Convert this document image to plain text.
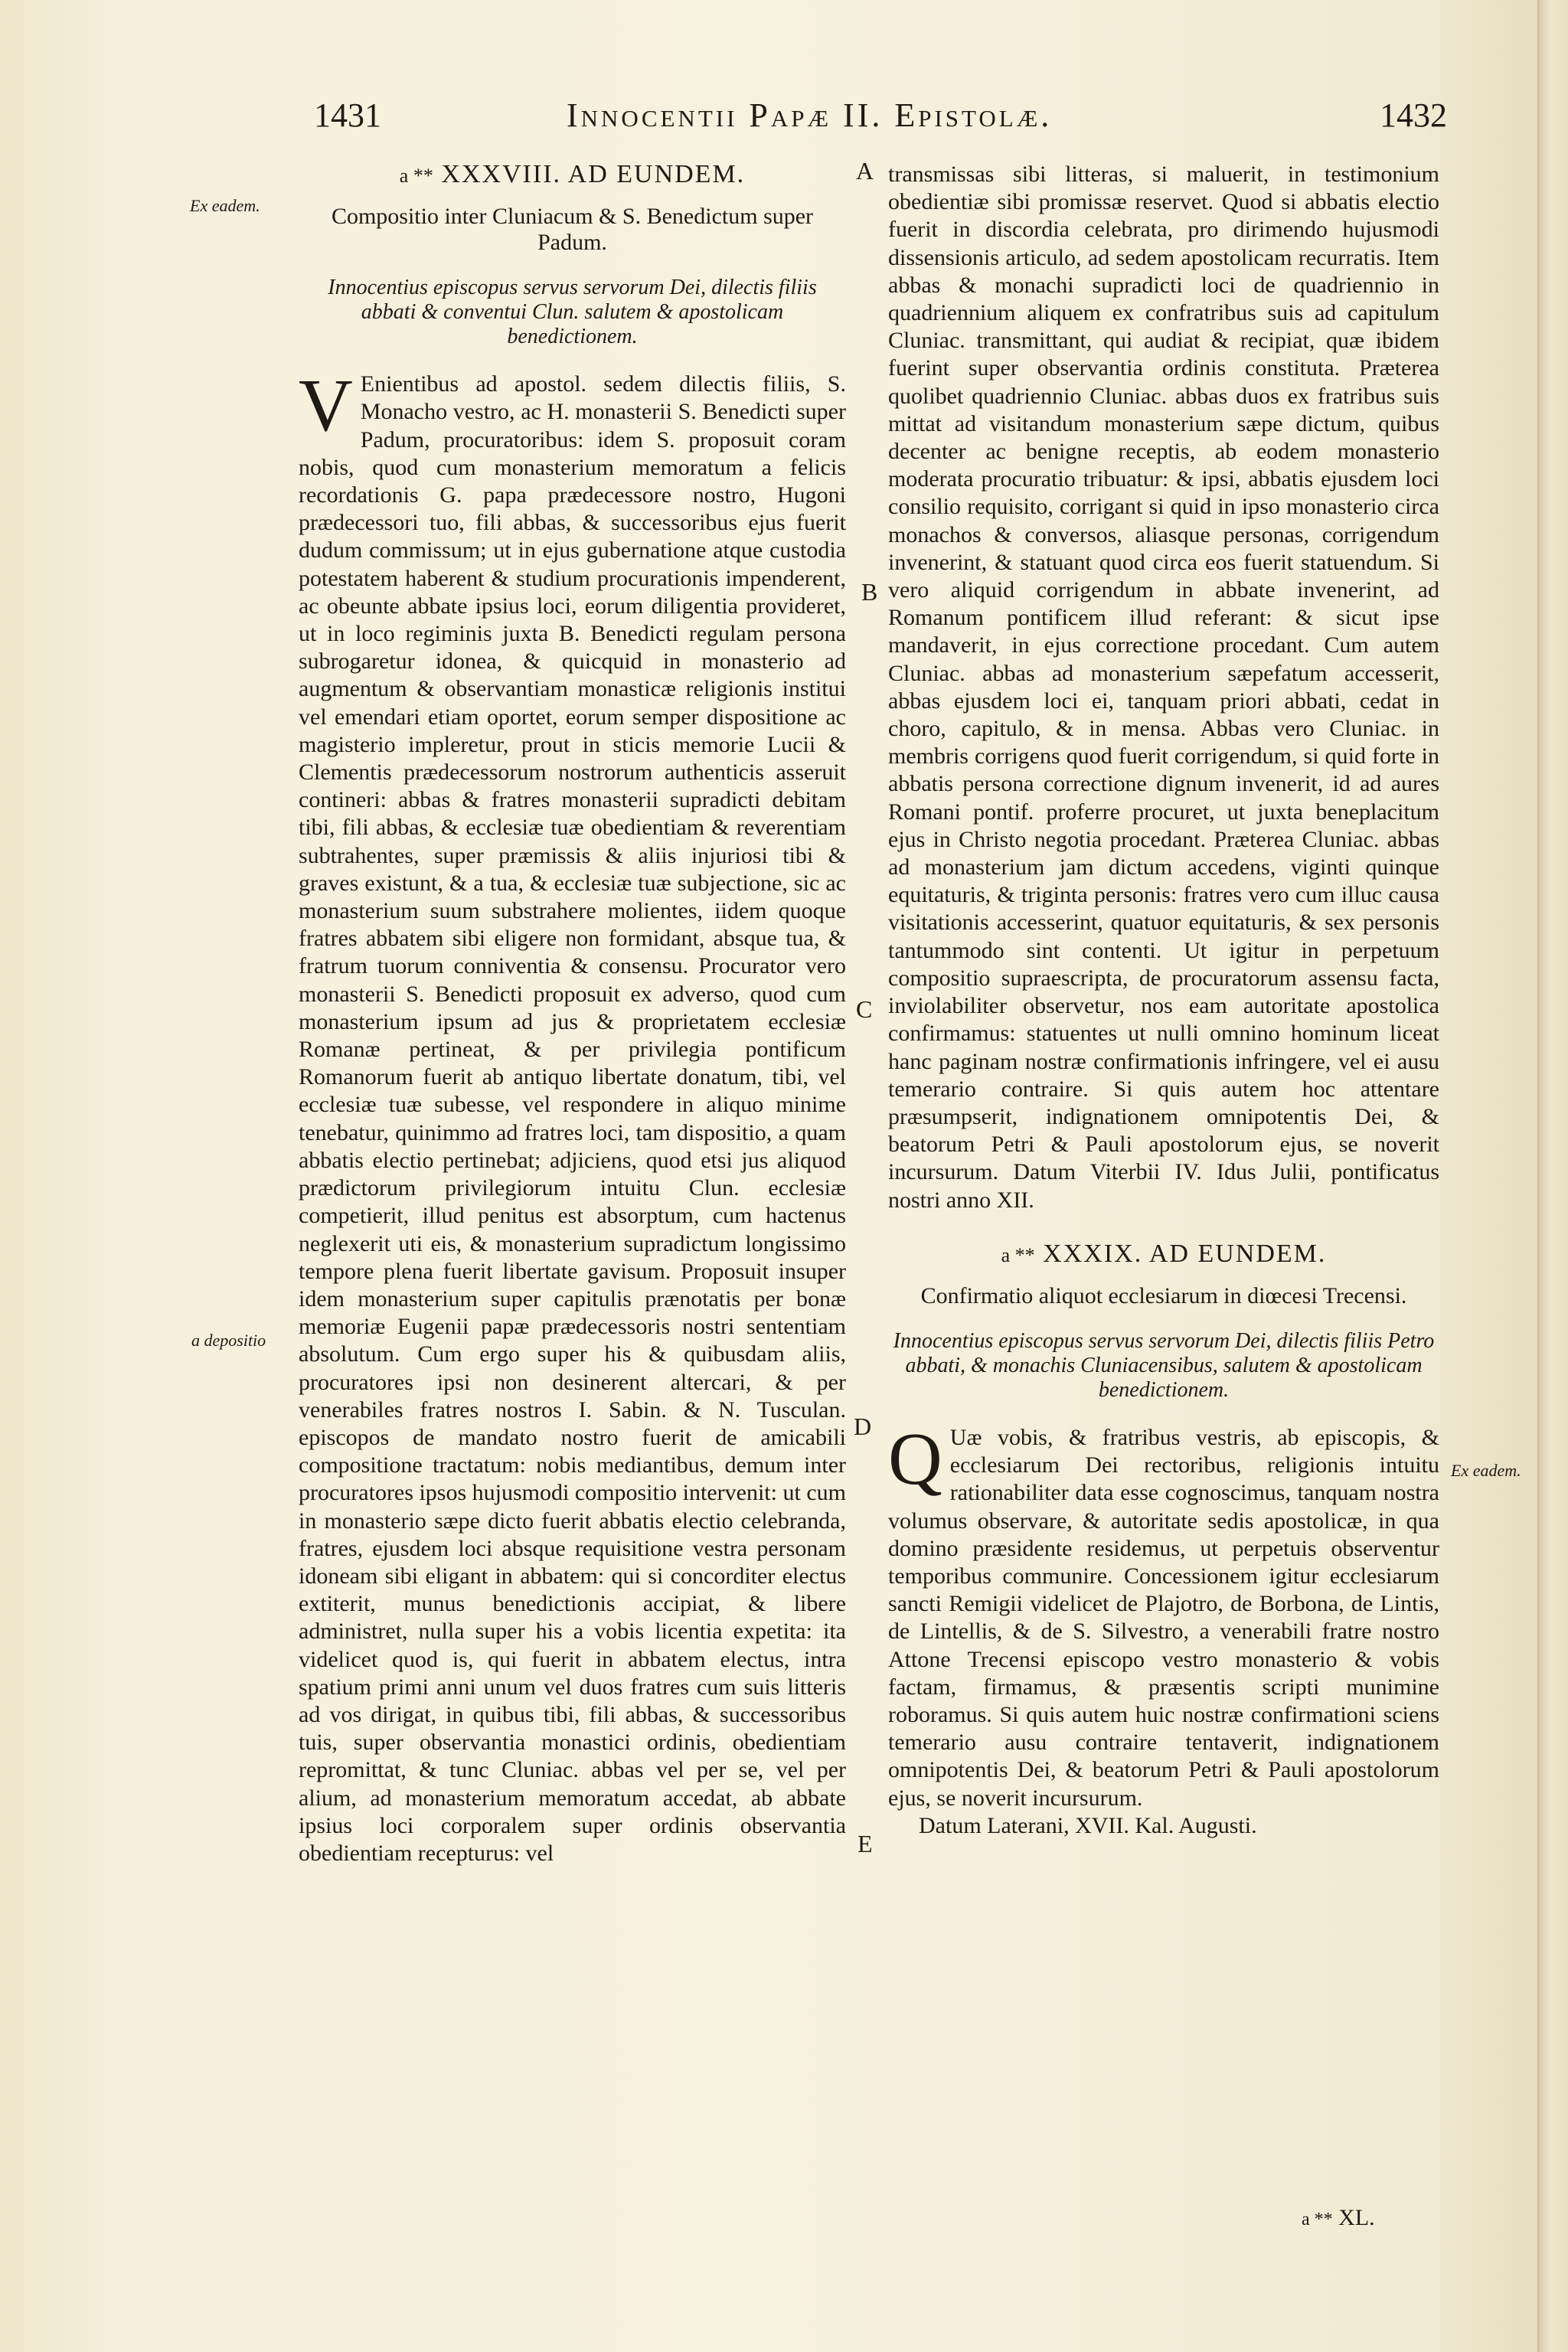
1431	Innocentii Papæ II. Epistolæ.	1432
Ex eadem.
a depositio
Ex eadem.
A
B
C
D
E
a ** XXXVIII. AD EUNDEM.
Compositio inter Cluniacum & S. Benedictum super Padum.
Innocentius episcopus servus servorum Dei, dilectis filiis abbati & conventui Clun. salutem & apostolicam benedictionem.

V Enientibus ad apostol. sedem dilectis filiis, S. Monacho vestro, ac H. monasterii S. Benedicti super Padum, procuratoribus: idem S. proposuit coram nobis, quod cum monasterium memoratum a felicis recordationis G. papa prædecessore nostro, Hugoni prædecessori tuo, fili abbas, & successoribus ejus fuerit dudum commissum; ut in ejus gubernatione atque custodia potestatem haberent & studium procurationis impenderent, ac obeunte abbate ipsius loci, eorum diligentia provideret, ut in loco regiminis juxta B. Benedicti regulam persona subrogaretur idonea, & quicquid in monasterio ad augmentum & observantiam monasticæ religionis institui vel emendari etiam oportet, eorum semper dispositione ac magisterio impleretur, prout in sticis memorie Lucii & Clementis prædecessorum nostrorum authenticis asseruit contineri: abbas & fratres monasterii supradicti debitam tibi, fili abbas, & ecclesiæ tuæ obedientiam & reverentiam subtrahentes, super præmissis & aliis injuriosi tibi & graves existunt, & a tua, & ecclesiæ tuæ subjectione, sic ac monasterium suum substrahere molientes, iidem quoque fratres abbatem sibi eligere non formidant, absque tua, & fratrum tuorum conniventia & consensu. Procurator vero monasterii S. Benedicti proposuit ex adverso, quod cum monasterium ipsum ad jus & proprietatem ecclesiæ Romanæ pertineat, & per privilegia pontificum Romanorum fuerit ab antiquo libertate donatum, tibi, vel ecclesiæ tuæ subesse, vel respondere in aliquo minime tenebatur, quinimmo ad fratres loci, tam dispositio, a quam abbatis electio pertinebat; adjiciens, quod etsi jus aliquod prædictorum privilegiorum intuitu Clun. ecclesiæ competierit, illud penitus est absorptum, cum hactenus neglexerit uti eis, & monasterium supradictum longissimo tempore plena fuerit libertate gavisum. Proposuit insuper idem monasterium super capitulis prænotatis per bonæ memoriæ Eugenii papæ prædecessoris nostri sententiam absolutum. Cum ergo super his & quibusdam aliis, procuratores ipsi non desinerent altercari, & per venerabiles fratres nostros I. Sabin. & N. Tusculan. episcopos de mandato nostro fuerit de amicabili compositione tractatum: nobis mediantibus, demum inter procuratores ipsos hujusmodi compositio intervenit: ut cum in monasterio sæpe dicto fuerit abbatis electio celebranda, fratres, ejusdem loci absque requisitione vestra personam idoneam sibi eligant in abbatem: qui si concorditer electus extiterit, munus benedictionis accipiat, & libere administret, nulla super his a vobis licentia expetita: ita videlicet quod is, qui fuerit in abbatem electus, intra spatium primi anni unum vel duos fratres cum suis litteris ad vos dirigat, in quibus tibi, fili abbas, & successoribus tuis, super observantia monastici ordinis, obedientiam repromittat, & tunc Cluniac. abbas vel per se, vel per alium, ad monasterium memoratum accedat, ab abbate ipsius loci corporalem super ordinis observantia obedientiam recepturus: vel

transmissas sibi litteras, si maluerit, in testimonium obedientiæ sibi promissæ reservet. Quod si abbatis electio fuerit in discordia celebrata, pro dirimendo hujusmodi dissensionis articulo, ad sedem apostolicam recurratis. Item abbas & monachi supradicti loci de quadriennio in quadriennium aliquem ex confratribus suis ad capitulum Cluniac. transmittant, qui audiat & recipiat, quæ ibidem fuerint super observantia ordinis constituta. Præterea quolibet quadriennio Cluniac. abbas duos ex fratribus suis mittat ad visitandum monasterium sæpe dictum, quibus decenter ac benigne receptis, ab eodem monasterio moderata procuratio tribuatur: & ipsi, abbatis ejusdem loci consilio requisito, corrigant si quid in ipso monasterio circa monachos & conversos, aliasque personas, corrigendum invenerint, & statuant quod circa eos fuerit statuendum. Si vero aliquid corrigendum in abbate invenerint, ad Romanum pontificem illud referant: & sicut ipse mandaverit, in ejus correctione procedant. Cum autem Cluniac. abbas ad monasterium sæpefatum accesserit, abbas ejusdem loci ei, tanquam priori abbati, cedat in choro, capitulo, & in mensa. Abbas vero Cluniac. in membris corrigens quod fuerit corrigendum, si quid forte in abbatis persona correctione dignum invenerit, id ad aures Romani pontif. proferre procuret, ut juxta beneplacitum ejus in Christo negotia procedant. Præterea Cluniac. abbas ad monasterium jam dictum accedens, viginti quinque equitaturis, & triginta personis: fratres vero cum illuc causa visitationis accesserint, quatuor equitaturis, & sex personis tantummodo sint contenti. Ut igitur in perpetuum compositio supraescripta, de procuratorum assensu facta, inviolabiliter observetur, nos eam autoritate apostolica confirmamus: statuentes ut nulli omnino hominum liceat hanc paginam nostræ confirmationis infringere, vel ei ausu temerario contraire. Si quis autem hoc attentare præsumpserit, indignationem omnipotentis Dei, & beatorum Petri & Pauli apostolorum ejus, se noverit incursurum. Datum Viterbii IV. Idus Julii, pontificatus nostri anno XII.

a ** XXXIX. AD EUNDEM.
Confirmatio aliquot ecclesiarum in diœcesi Trecensi.
Innocentius episcopus servus servorum Dei, dilectis filiis Petro abbati, & monachis Cluniacensibus, salutem & apostolicam benedictionem.

Q Uæ vobis, & fratribus vestris, ab episcopis, & ecclesiarum Dei rectoribus, religionis intuitu rationabiliter data esse cognoscimus, tanquam nostra volumus observare, & autoritate sedis apostolicæ, in qua domino præsidente residemus, ut perpetuis observentur temporibus communire. Concessionem igitur ecclesiarum sancti Remigii videlicet de Plajotro, de Borbona, de Lintis, de Lintellis, & de S. Silvestro, a venerabili fratre nostro Attone Trecensi episcopo vestro monasterio & vobis factam, firmamus, & præsentis scripti munimine roboramus. Si quis autem huic nostræ confirmationi sciens temerario ausu contraire tentaverit, indignationem omnipotentis Dei, & beatorum Petri & Pauli apostolorum ejus, se noverit incursurum.

Datum Laterani, XVII. Kal. Augusti.

a ** XL.
